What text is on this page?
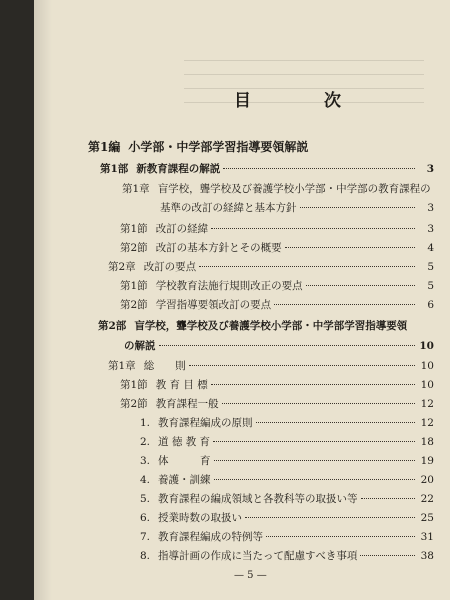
目　次
第1編 小学部・中学部学習指導要領解説
第1部 新教育課程の解説	3
第1章 盲学校，聾学校及び養護学校小学部・中学部の教育課程の
基準の改訂の経緯と基本方針	3
第1節 改訂の経緯	3
第2節 改訂の基本方針とその概要	4
第2章 改訂の要点	5
第1節 学校教育法施行規則改正の要点	5
第2節 学習指導要領改訂の要点	6
第2部 盲学校，聾学校及び養護学校小学部・中学部学習指導要領
の解説	10
第1章 総　　則	10
第1節 教 育 目 標	10
第2節 教育課程一般	12
1. 教育課程編成の原則	12
2. 道 徳 教 育	18
3. 体　　　育	19
4. 養護・訓練	20
5. 教育課程の編成領域と各教科等の取扱い等	22
6. 授業時数の取扱い	25
7. 教育課程編成の特例等	31
8. 指導計画の作成に当たって配慮すべき事項	38
— 5 —
